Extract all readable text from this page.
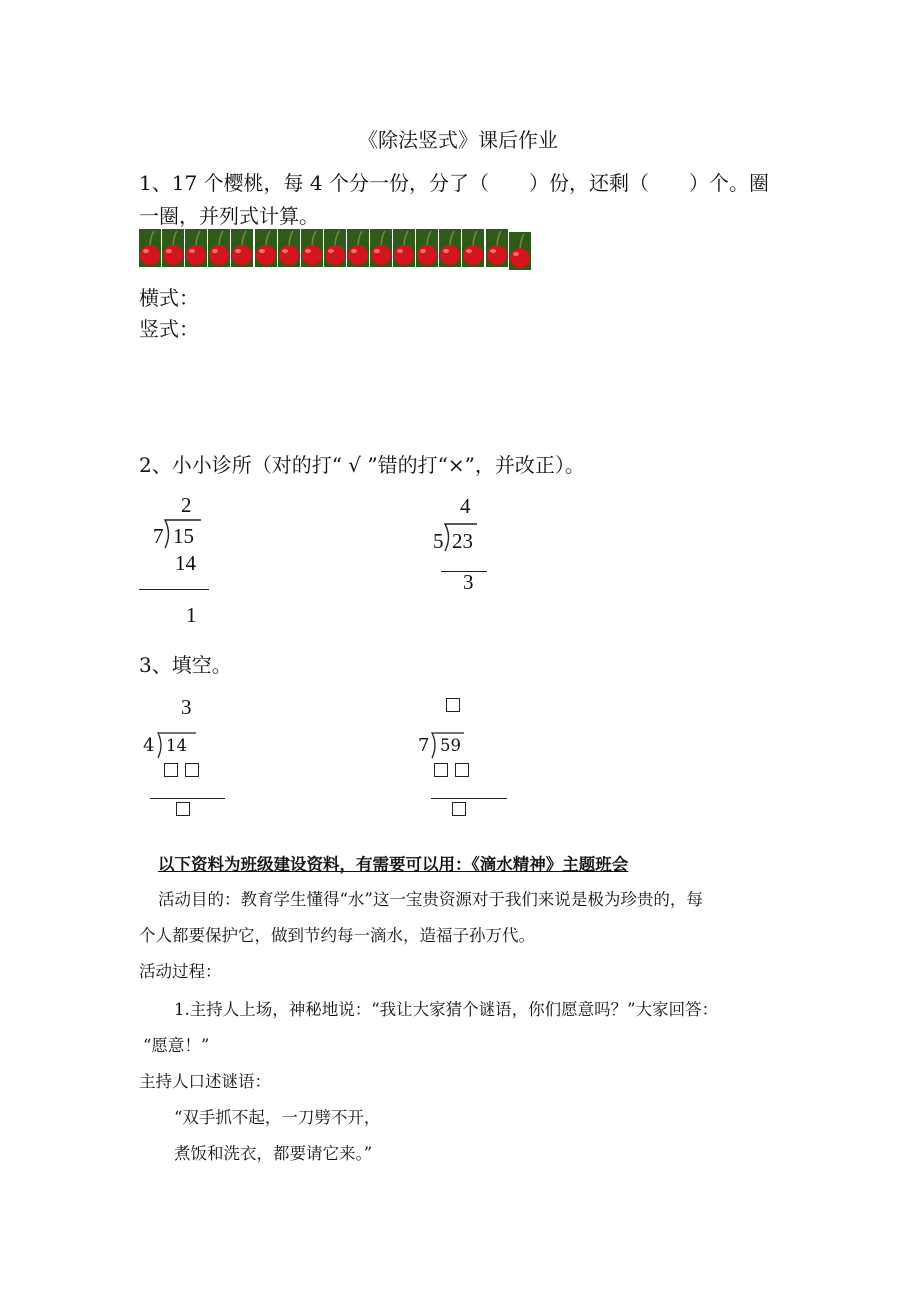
《除法竖式》课后作业
1、17 个樱桃，每 4 个分一份，分了（　　）份，还剩（　　）个。圈
一圈，并列式计算。
横式：
竖式：
2、小小诊所（对的打“ √ ”错的打“×”，并改正）。
2
7 15
14
1
4
5 23
3
3、填空。
3
4 14	7 59
以下资料为班级建设资料，有需要可以用：《滴水精神》主题班会
活动目的：教育学生懂得“水”这一宝贵资源对于我们来说是极为珍贵的，每
个人都要保护它，做到节约每一滴水，造福子孙万代。
活动过程：
1.主持人上场，神秘地说：“我让大家猜个谜语，你们愿意吗？”大家回答：
“愿意！”
主持人口述谜语：
“双手抓不起，一刀劈不开，
煮饭和洗衣，都要请它来。”
